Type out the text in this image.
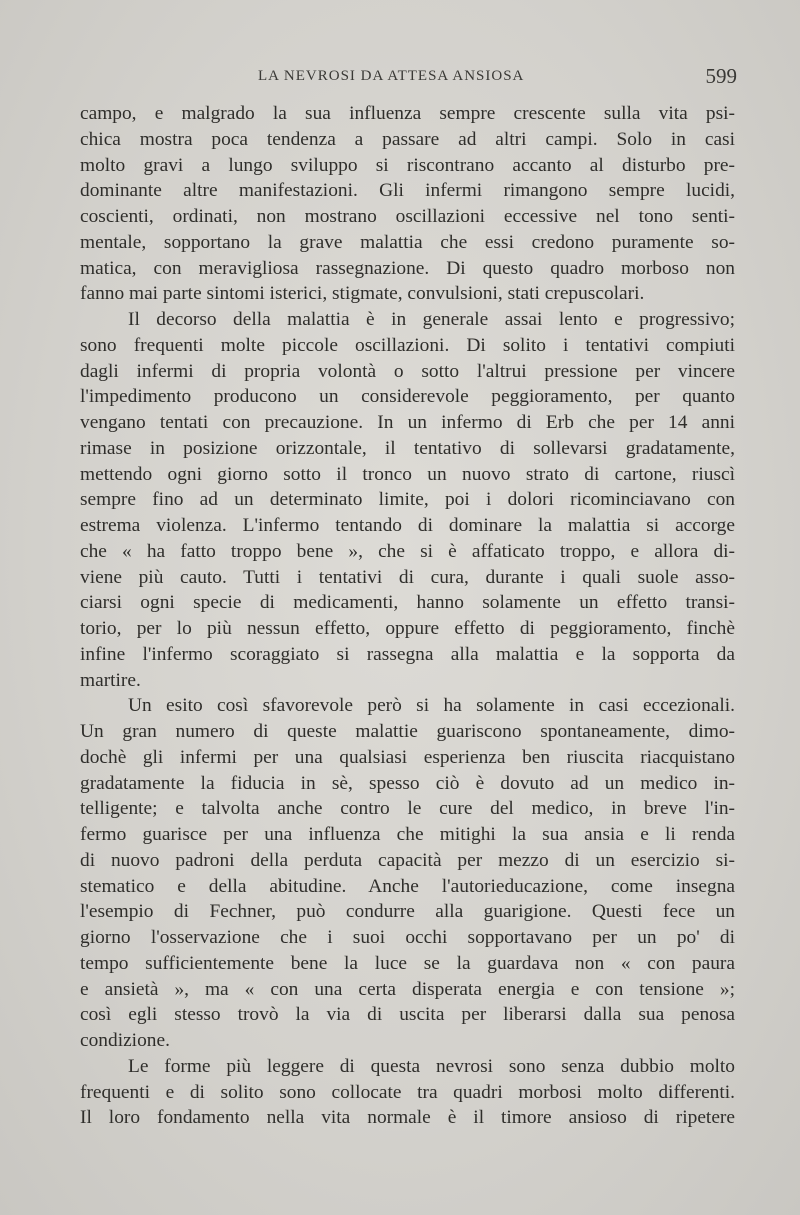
LA NEVROSI DA ATTESA ANSIOSA	599

campo, e malgrado la sua influenza sempre crescente sulla vita psi-
chica mostra poca tendenza a passare ad altri campi. Solo in casi
molto gravi a lungo sviluppo si riscontrano accanto al disturbo pre-
dominante altre manifestazioni. Gli infermi rimangono sempre lucidi,
coscienti, ordinati, non mostrano oscillazioni eccessive nel tono senti-
mentale, sopportano la grave malattia che essi credono puramente so-
matica, con meravigliosa rassegnazione. Di questo quadro morboso non
fanno mai parte sintomi isterici, stigmate, convulsioni, stati crepuscolari.

Il decorso della malattia è in generale assai lento e progressivo;
sono frequenti molte piccole oscillazioni. Di solito i tentativi compiuti
dagli infermi di propria volontà o sotto l'altrui pressione per vincere
l'impedimento producono un considerevole peggioramento, per quanto
vengano tentati con precauzione. In un infermo di Erb che per 14 anni
rimase in posizione orizzontale, il tentativo di sollevarsi gradatamente,
mettendo ogni giorno sotto il tronco un nuovo strato di cartone, riuscì
sempre fino ad un determinato limite, poi i dolori ricominciavano con
estrema violenza. L'infermo tentando di dominare la malattia si accorge
che « ha fatto troppo bene », che si è affaticato troppo, e allora di-
viene più cauto. Tutti i tentativi di cura, durante i quali suole asso-
ciarsi ogni specie di medicamenti, hanno solamente un effetto transi-
torio, per lo più nessun effetto, oppure effetto di peggioramento, finchè
infine l'infermo scoraggiato si rassegna alla malattia e la sopporta da
martire.

Un esito così sfavorevole però si ha solamente in casi eccezionali.
Un gran numero di queste malattie guariscono spontaneamente, dimo-
dochè gli infermi per una qualsiasi esperienza ben riuscita riacquistano
gradatamente la fiducia in sè, spesso ciò è dovuto ad un medico in-
telligente; e talvolta anche contro le cure del medico, in breve l'in-
fermo guarisce per una influenza che mitighi la sua ansia e li renda
di nuovo padroni della perduta capacità per mezzo di un esercizio si-
stematico e della abitudine. Anche l'autorieducazione, come insegna
l'esempio di Fechner, può condurre alla guarigione. Questi fece un
giorno l'osservazione che i suoi occhi sopportavano per un po' di
tempo sufficientemente bene la luce se la guardava non « con paura
e ansietà », ma « con una certa disperata energia e con tensione »;
così egli stesso trovò la via di uscita per liberarsi dalla sua penosa
condizione.

Le forme più leggere di questa nevrosi sono senza dubbio molto
frequenti e di solito sono collocate tra quadri morbosi molto differenti.
Il loro fondamento nella vita normale è il timore ansioso di ripetere
